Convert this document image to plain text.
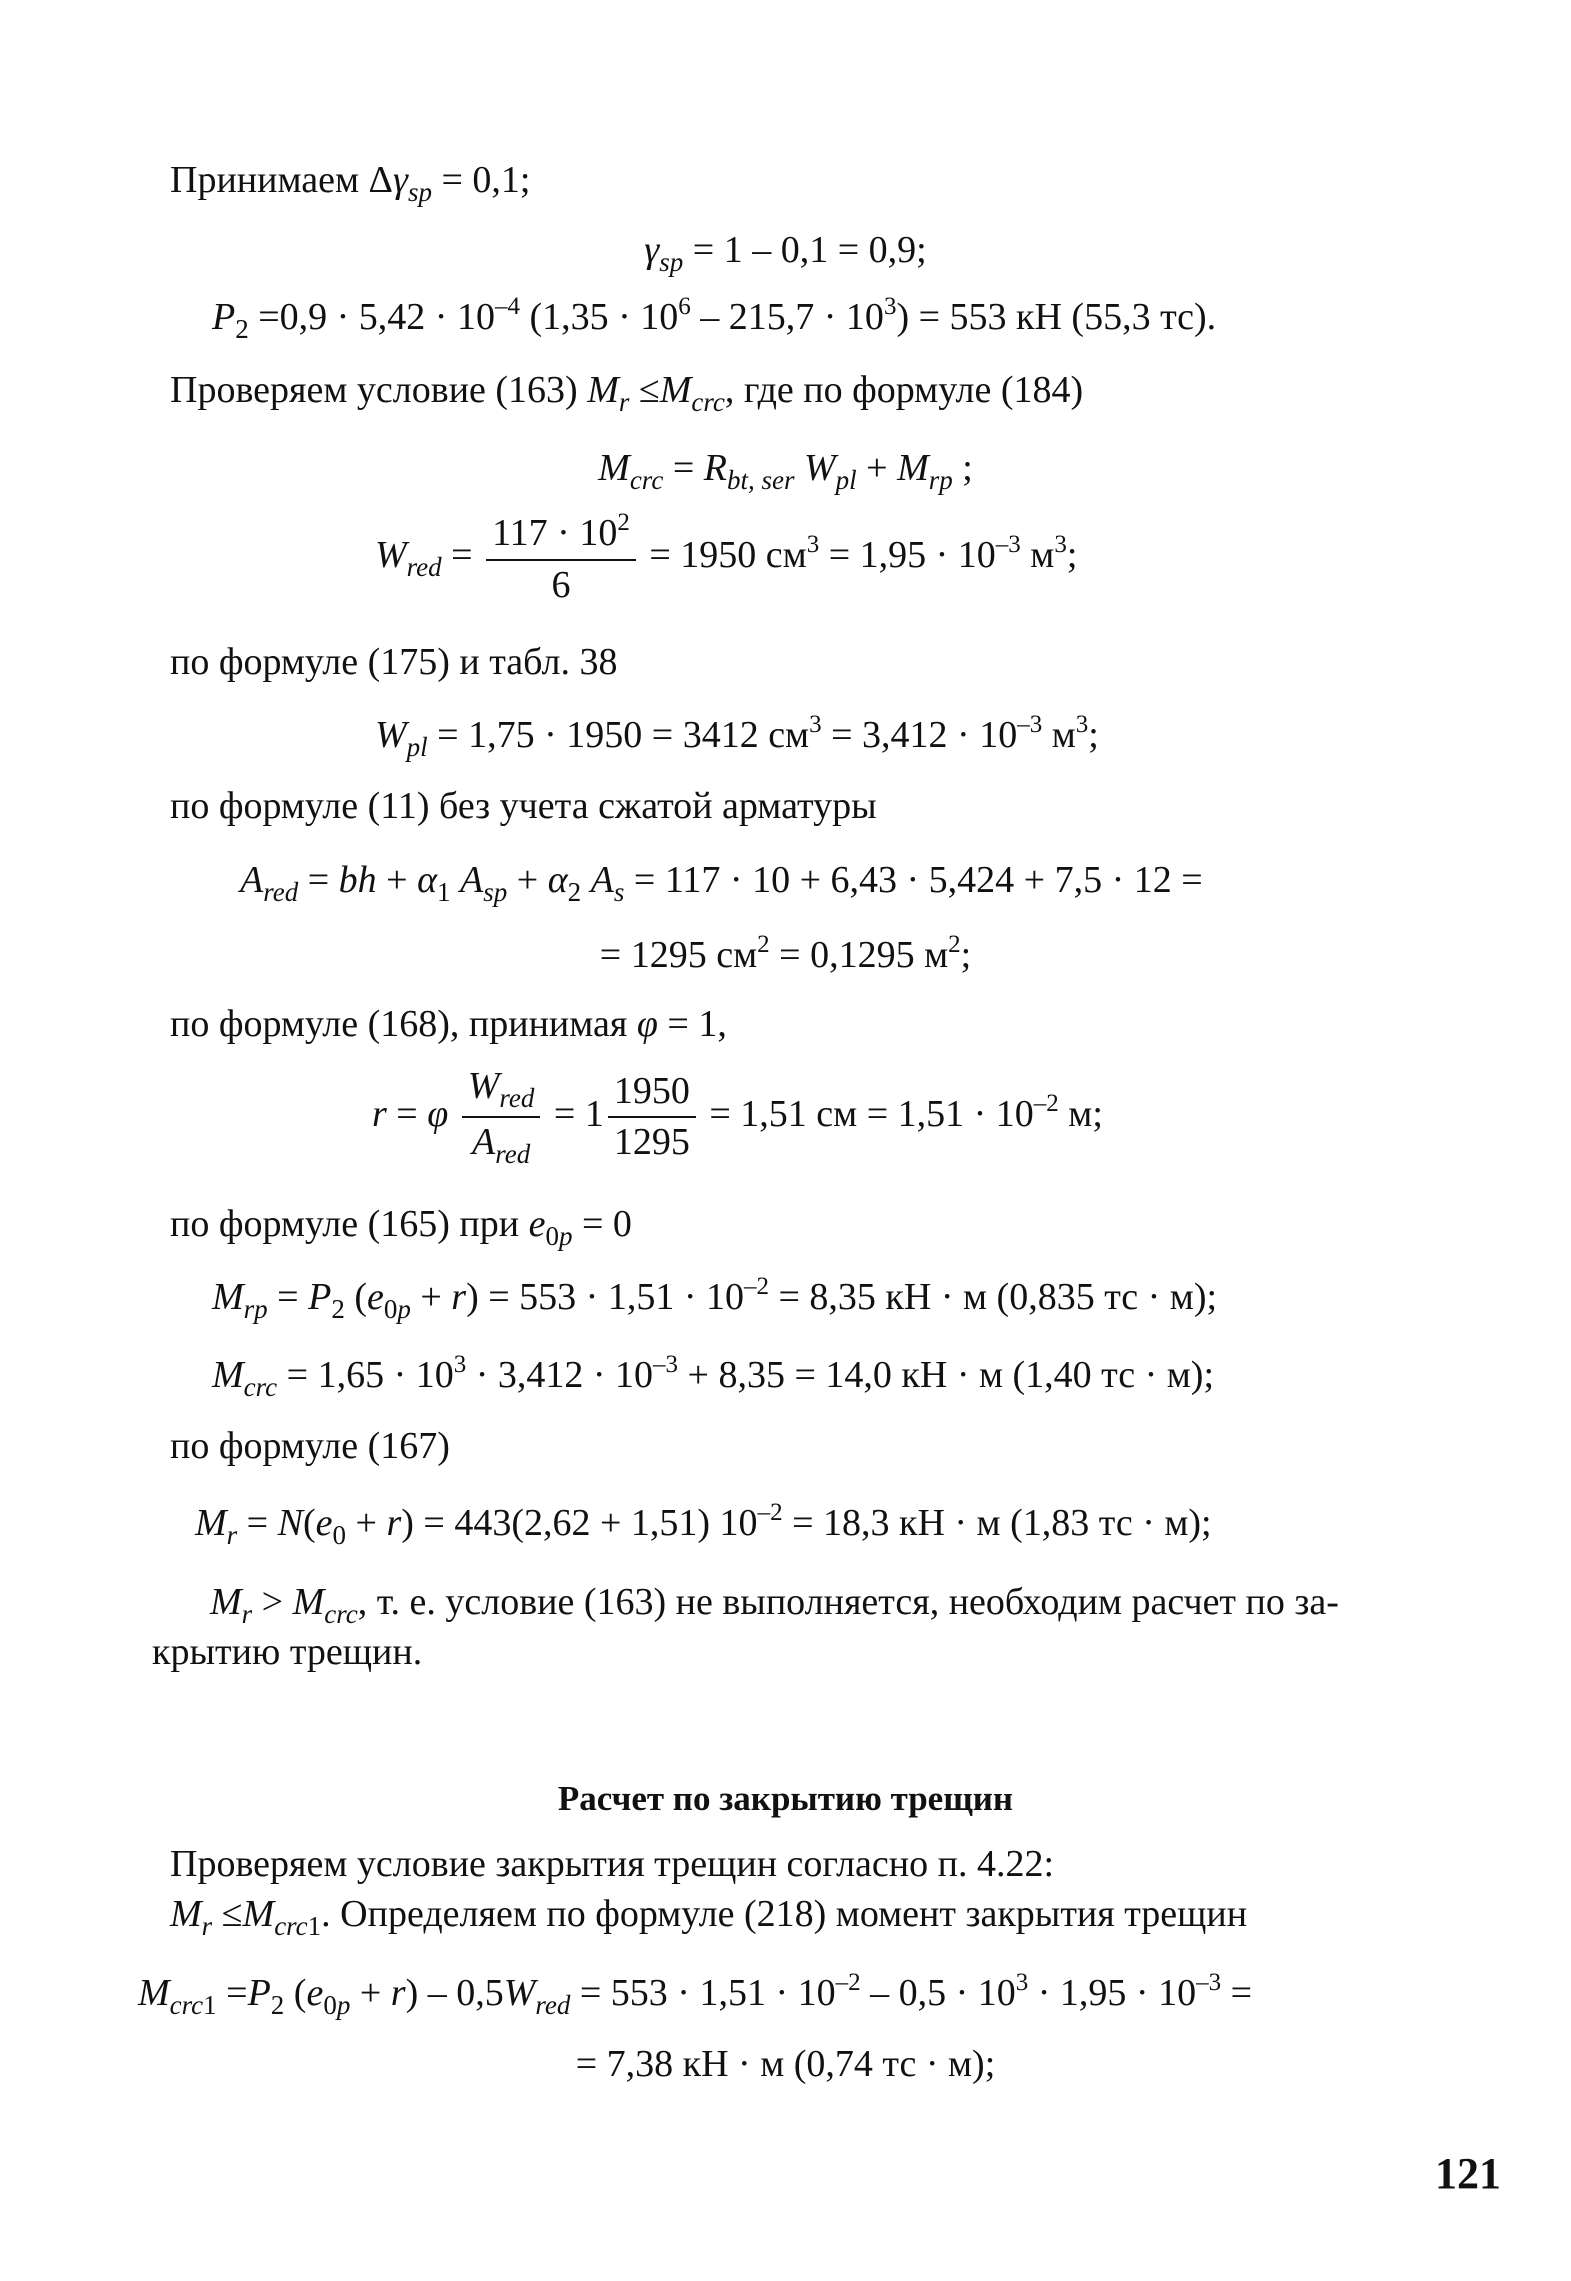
Принимаем $\Delta\gamma_{sp} = 0,1$;
$\gamma_{sp} = 1 - 0,1 = 0,9$;
$P_2 =0,9 \cdot 5,42 \cdot 10^{-4}$ $(1,35 \cdot 10^6 - 215,7 \cdot 10^3) = 553$ кН (55,3 тс).
Проверяем условие (163) $M_r \le M_{crc}$, где по формуле (184)
$M_{crc} = R_{bt, ser}$ $W_{pl} + M_{rp}$ ;
$W_{red} = \frac{117 \cdot 10^2}{6} = 1950$ $см^3 = 1,95 \cdot 10^{-3}$ $м^3$;
по формуле (175) и табл. 38
$W_{pl} = 1,75 \cdot 1950 = 3412$ $см^3 = 3,412 \cdot 10^{-3}$ $м^3$;
по формуле (11) без учета сжатой арматуры
$A_{red}$ = bh + $\alpha_1$ $A_{sp} + \alpha_2$ $A_s = 117 \cdot 10 + 6,43 \cdot 5,424 + 7,5 \cdot 12$ =
= 1295 $см^2 = 0,1295$ $м^2$;
по формуле (168), принимая φ = 1,
r = φ $\frac{W_{red}}{A_{red}} = 1 \frac{1950}{1295} = 1,51$ см = $1,51 \cdot 10^{-2}$ м;
по формуле (165) при $e_{0p} = 0$
$M_{rp} = P_2$ $(e_{0p} + r) = 553 \cdot 1,51 \cdot 10^{-2} = 8,35$ кН · м (0,835 тс · м);
$M_{crc} = 1,65 \cdot 10^3 \cdot 3,412 \cdot 10^{-3} + 8,35 = 14,0$ кН · м (1,40 тс · м);
по формуле (167)
$M_r = N(e_0 + r) = 443(2,62 + 1,51) 10^{-2} = 18,3$ кН · м (1,83 тс · м);
$M_r > M_{crc}$, т. е. условие (163) не выполняется, необходим расчет по за-
крытию трещин.
Расчет по закрытию трещин
Проверяем условие закрытия трещин согласно п. 4.22:
$M_r \le M_{crc1}$. Определяем по формуле (218) момент закрытия трещин
$M_{crc1} =P_2$ $(e_{0p} + r) - 0,5W_{red} = 553 \cdot 1,51 \cdot 10^{-2} - 0,5 \cdot 10^3 \cdot 1,95 \cdot 10^{-3}$ =
= 7,38 кН · м (0,74 тс · м);
121
